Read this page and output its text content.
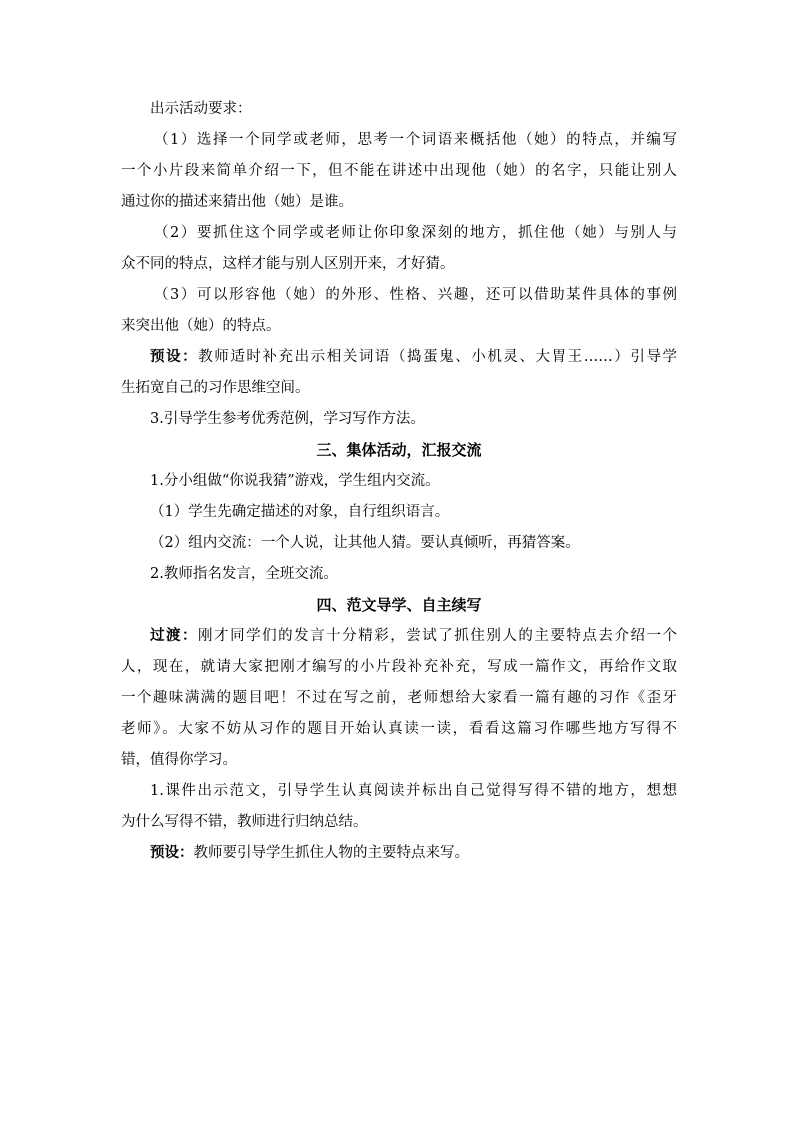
出示活动要求：
（1）选择一个同学或老师，思考一个词语来概括他（她）的特点，并编写
一个小片段来简单介绍一下，但不能在讲述中出现他（她）的名字，只能让别人
通过你的描述来猜出他（她）是谁。
（2）要抓住这个同学或老师让你印象深刻的地方，抓住他（她）与别人与
众不同的特点，这样才能与别人区别开来，才好猜。
（3）可以形容他（她）的外形、性格、兴趣，还可以借助某件具体的事例
来突出他（她）的特点。
预设：教师适时补充出示相关词语（捣蛋鬼、小机灵、大胃王……）引导学
生拓宽自己的习作思维空间。
3.引导学生参考优秀范例，学习写作方法。
三、集体活动，汇报交流
1.分小组做“你说我猜”游戏，学生组内交流。
（1）学生先确定描述的对象，自行组织语言。
（2）组内交流：一个人说，让其他人猜。要认真倾听，再猜答案。
2.教师指名发言，全班交流。
四、范文导学、自主续写
过渡：刚才同学们的发言十分精彩，尝试了抓住别人的主要特点去介绍一个
人，现在，就请大家把刚才编写的小片段补充补充，写成一篇作文，再给作文取
一个趣味满满的题目吧！不过在写之前，老师想给大家看一篇有趣的习作《歪牙
老师》。大家不妨从习作的题目开始认真读一读，看看这篇习作哪些地方写得不
错，值得你学习。
1.课件出示范文，引导学生认真阅读并标出自己觉得写得不错的地方，想想
为什么写得不错，教师进行归纳总结。
预设：教师要引导学生抓住人物的主要特点来写。
